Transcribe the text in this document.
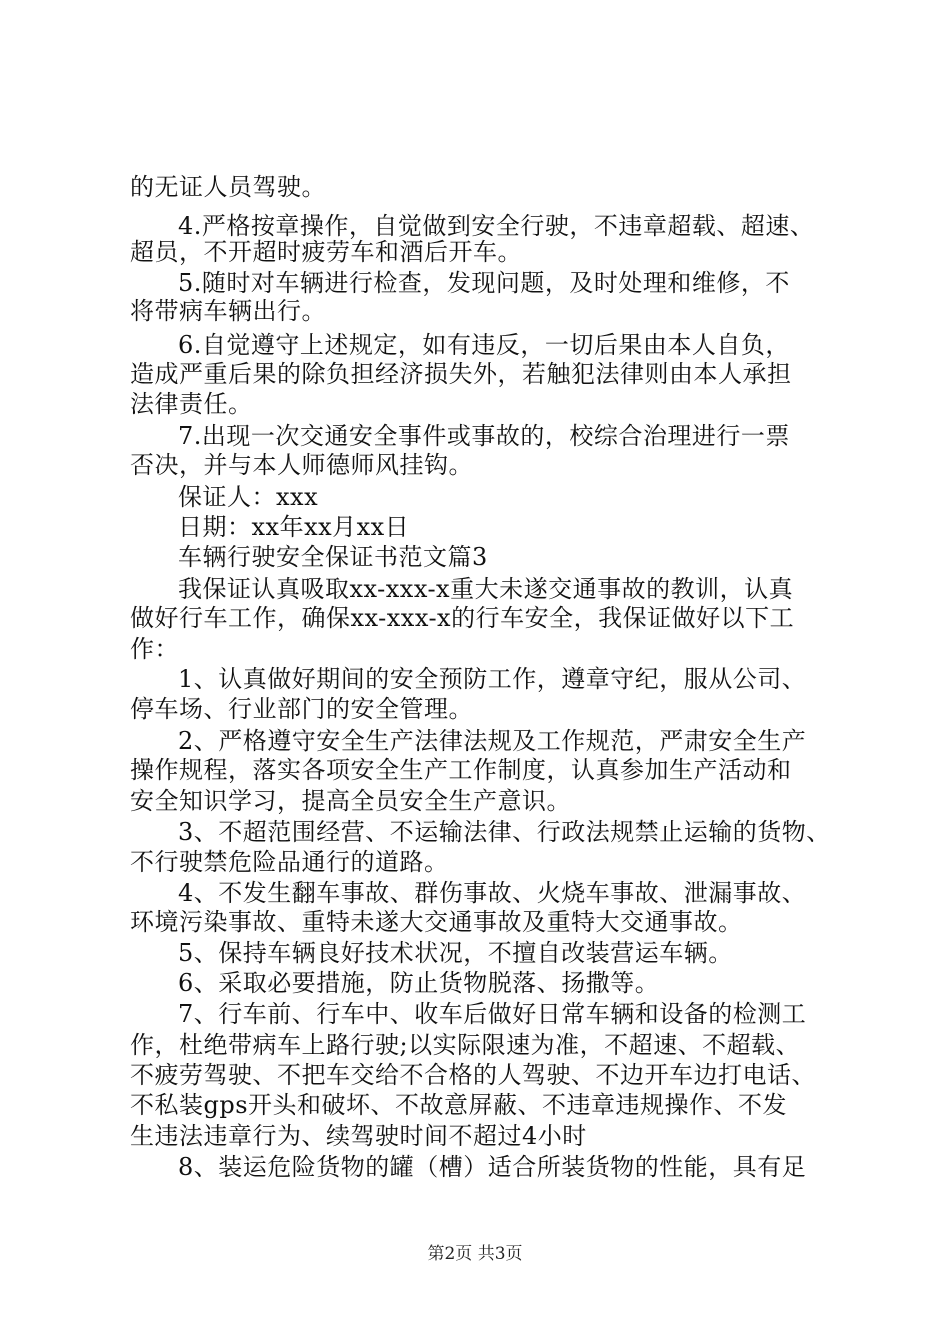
的无证人员驾驶。
4.严格按章操作，自觉做到安全行驶，不违章超载、超速、
超员，不开超时疲劳车和酒后开车。
5.随时对车辆进行检查，发现问题，及时处理和维修，不
将带病车辆出行。
6.自觉遵守上述规定，如有违反，一切后果由本人自负，
造成严重后果的除负担经济损失外，若触犯法律则由本人承担
法律责任。
7.出现一次交通安全事件或事故的，校综合治理进行一票
否决，并与本人师德师风挂钩。
保证人：xxx
日期：xx年xx月xx日
车辆行驶安全保证书范文篇3
我保证认真吸取xx-xxx-x重大未遂交通事故的教训，认真
做好行车工作，确保xx-xxx-x的行车安全，我保证做好以下工
作：
1、认真做好期间的安全预防工作，遵章守纪，服从公司、
停车场、行业部门的安全管理。
2、严格遵守安全生产法律法规及工作规范，严肃安全生产
操作规程，落实各项安全生产工作制度，认真参加生产活动和
安全知识学习，提高全员安全生产意识。
3、不超范围经营、不运输法律、行政法规禁止运输的货物、
不行驶禁危险品通行的道路。
4、不发生翻车事故、群伤事故、火烧车事故、泄漏事故、
环境污染事故、重特未遂大交通事故及重特大交通事故。
5、保持车辆良好技术状况，不擅自改装营运车辆。
6、采取必要措施，防止货物脱落、扬撒等。
7、行车前、行车中、收车后做好日常车辆和设备的检测工
作，杜绝带病车上路行驶;以实际限速为准，不超速、不超载、
不疲劳驾驶、不把车交给不合格的人驾驶、不边开车边打电话、
不私装gps开头和破坏、不故意屏蔽、不违章违规操作、不发
生违法违章行为、续驾驶时间不超过4小时
8、装运危险货物的罐（槽）适合所装货物的性能，具有足
第2页 共3页
